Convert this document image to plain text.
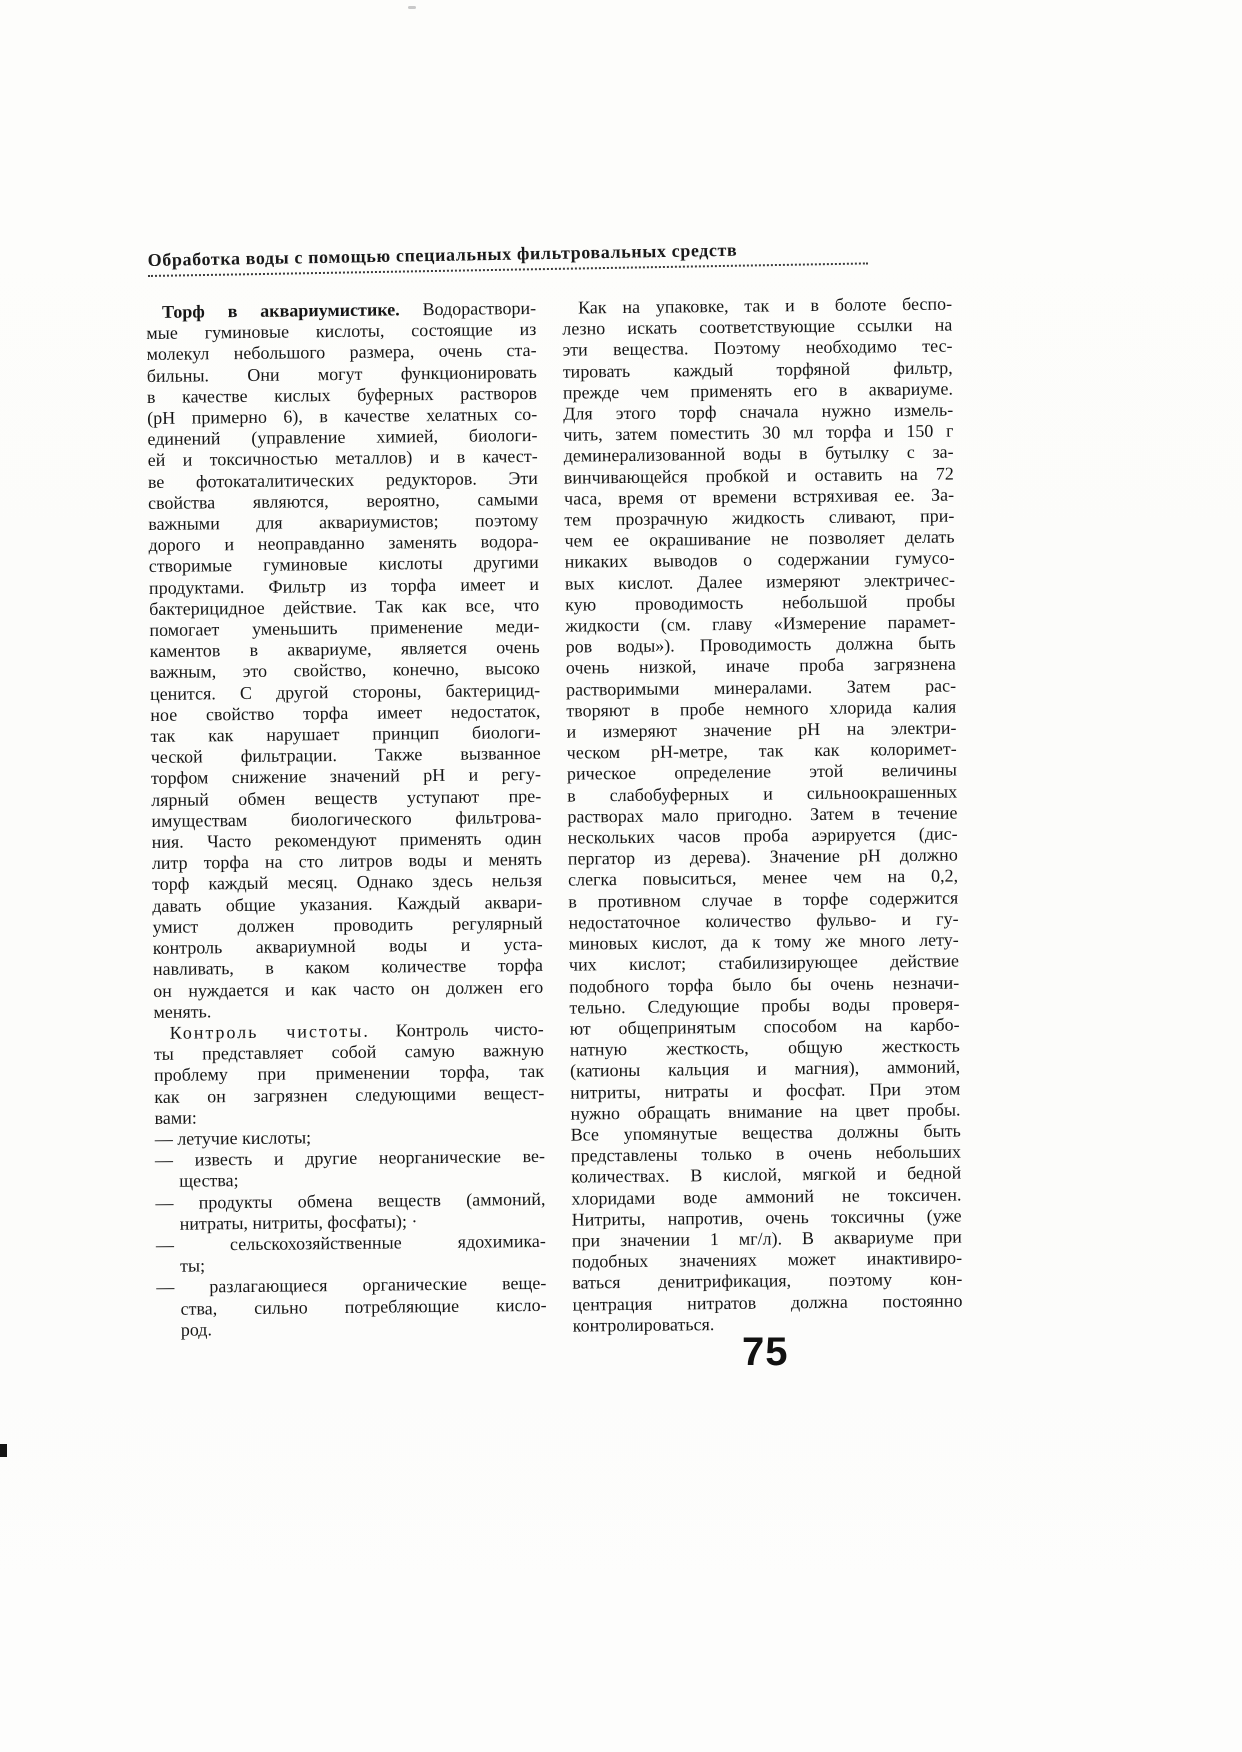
Обработка воды с помощью специальных фильтровальных средств
Торф в аквариумистике. Водораствори-
мые гуминовые кислоты, состоящие из
молекул небольшого размера, очень ста-
бильны. Они могут функционировать
в качестве кислых буферных растворов
(pH примерно 6), в качестве хелатных со-
единений (управление химией, биологи-
ей и токсичностью металлов) и в качест-
ве фотокаталитических редукторов. Эти
свойства являются, вероятно, самыми
важными для аквариумистов; поэтому
дорого и неоправданно заменять водора-
створимые гуминовые кислоты другими
продуктами. Фильтр из торфа имеет и
бактерицидное действие. Так как все, что
помогает уменьшить применение меди-
каментов в аквариуме, является очень
важным, это свойство, конечно, высоко
ценится. С другой стороны, бактерицид-
ное свойство торфа имеет недостаток,
так как нарушает принцип биологи-
ческой фильтрации. Также вызванное
торфом снижение значений pH и регу-
лярный обмен веществ уступают пре-
имуществам биологического фильтрова-
ния. Часто рекомендуют применять один
литр торфа на сто литров воды и менять
торф каждый месяц. Однако здесь нельзя
давать общие указания. Каждый аквари-
умист должен проводить регулярный
контроль аквариумной воды и уста-
навливать, в каком количестве торфа
он нуждается и как часто он должен его
менять.
Контроль чистоты. Контроль чисто-
ты представляет собой самую важную
проблему при применении торфа, так
как он загрязнен следующими вещест-
вами:
— летучие кислоты;
— известь и другие неорганические ве-
щества;
— продукты обмена веществ (аммоний,
нитраты, нитриты, фосфаты); ·
— сельскохозяйственные ядохимика-
ты;
— разлагающиеся органические веще-
ства, сильно потребляющие кисло-
род.
Как на упаковке, так и в болоте беспо-
лезно искать соответствующие ссылки на
эти вещества. Поэтому необходимо тес-
тировать каждый торфяной фильтр,
прежде чем применять его в аквариуме.
Для этого торф сначала нужно измель-
чить, затем поместить 30 мл торфа и 150 г
деминерализованной воды в бутылку с за-
винчивающейся пробкой и оставить на 72
часа, время от времени встряхивая ее. За-
тем прозрачную жидкость сливают, при-
чем ее окрашивание не позволяет делать
никаких выводов о содержании гумусо-
вых кислот. Далее измеряют электричес-
кую проводимость небольшой пробы
жидкости (см. главу «Измерение парамет-
ров воды»). Проводимость должна быть
очень низкой, иначе проба загрязнена
растворимыми минералами. Затем рас-
творяют в пробе немного хлорида калия
и измеряют значение pH на электри-
ческом pH-метре, так как колоримет-
рическое определение этой величины
в слабобуферных и сильноокрашенных
растворах мало пригодно. Затем в течение
нескольких часов проба аэрируется (дис-
пергатор из дерева). Значение pH должно
слегка повыситься, менее чем на 0,2,
в противном случае в торфе содержится
недостаточное количество фульво- и гу-
миновых кислот, да к тому же много лету-
чих кислот; стабилизирующее действие
подобного торфа было бы очень незначи-
тельно. Следующие пробы воды проверя-
ют общепринятым способом на карбо-
натную жесткость, общую жесткость
(катионы кальция и магния), аммоний,
нитриты, нитраты и фосфат. При этом
нужно обращать внимание на цвет пробы.
Все упомянутые вещества должны быть
представлены только в очень небольших
количествах. В кислой, мягкой и бедной
хлоридами воде аммоний не токсичен.
Нитриты, напротив, очень токсичны (уже
при значении 1 мг/л). В аквариуме при
подобных значениях может инактивиро-
ваться денитрификация, поэтому кон-
центрация нитратов должна постоянно
контролироваться.
75
